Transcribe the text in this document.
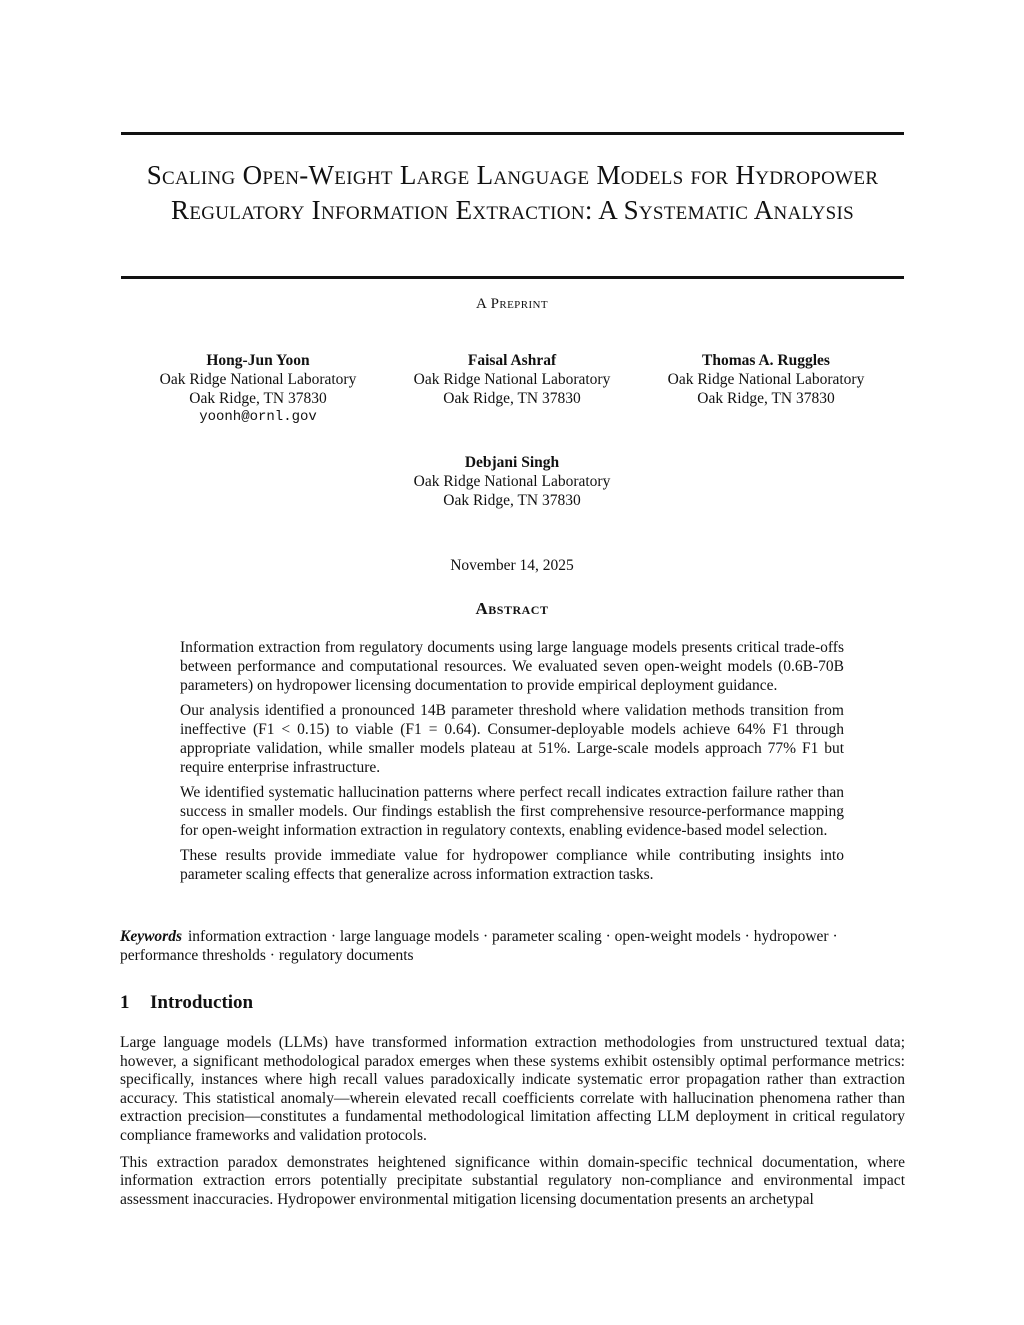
Scaling Open-Weight Large Language Models for Hydropower Regulatory Information Extraction: A Systematic Analysis
A Preprint
Hong-Jun Yoon
Oak Ridge National Laboratory
Oak Ridge, TN 37830
yoonh@ornl.gov
Faisal Ashraf
Oak Ridge National Laboratory
Oak Ridge, TN 37830
Thomas A. Ruggles
Oak Ridge National Laboratory
Oak Ridge, TN 37830
Debjani Singh
Oak Ridge National Laboratory
Oak Ridge, TN 37830
November 14, 2025
Abstract

Information extraction from regulatory documents using large language models presents critical trade-offs between performance and computational resources. We evaluated seven open-weight models (0.6B-70B parameters) on hydropower licensing documentation to provide empirical deployment guidance.

Our analysis identified a pronounced 14B parameter threshold where validation methods transition from ineffective (F1 < 0.15) to viable (F1 = 0.64). Consumer-deployable models achieve 64% F1 through appropriate validation, while smaller models plateau at 51%. Large-scale models approach 77% F1 but require enterprise infrastructure.

We identified systematic hallucination patterns where perfect recall indicates extraction failure rather than success in smaller models. Our findings establish the first comprehensive resource-performance mapping for open-weight information extraction in regulatory contexts, enabling evidence-based model selection.

These results provide immediate value for hydropower compliance while contributing insights into parameter scaling effects that generalize across information extraction tasks.

Keywords information extraction · large language models · parameter scaling · open-weight models · hydropower · performance thresholds · regulatory documents
1 Introduction

Large language models (LLMs) have transformed information extraction methodologies from unstructured textual data; however, a significant methodological paradox emerges when these systems exhibit ostensibly optimal performance metrics: specifically, instances where high recall values paradoxically indicate systematic error propagation rather than extraction accuracy. This statistical anomaly—wherein elevated recall coefficients correlate with hallucination phenomena rather than extraction precision—constitutes a fundamental methodological limitation affecting LLM deployment in critical regulatory compliance frameworks and validation protocols.

This extraction paradox demonstrates heightened significance within domain-specific technical documentation, where information extraction errors potentially precipitate substantial regulatory non-compliance and environmental impact assessment inaccuracies. Hydropower environmental mitigation licensing documentation presents an archetypal
